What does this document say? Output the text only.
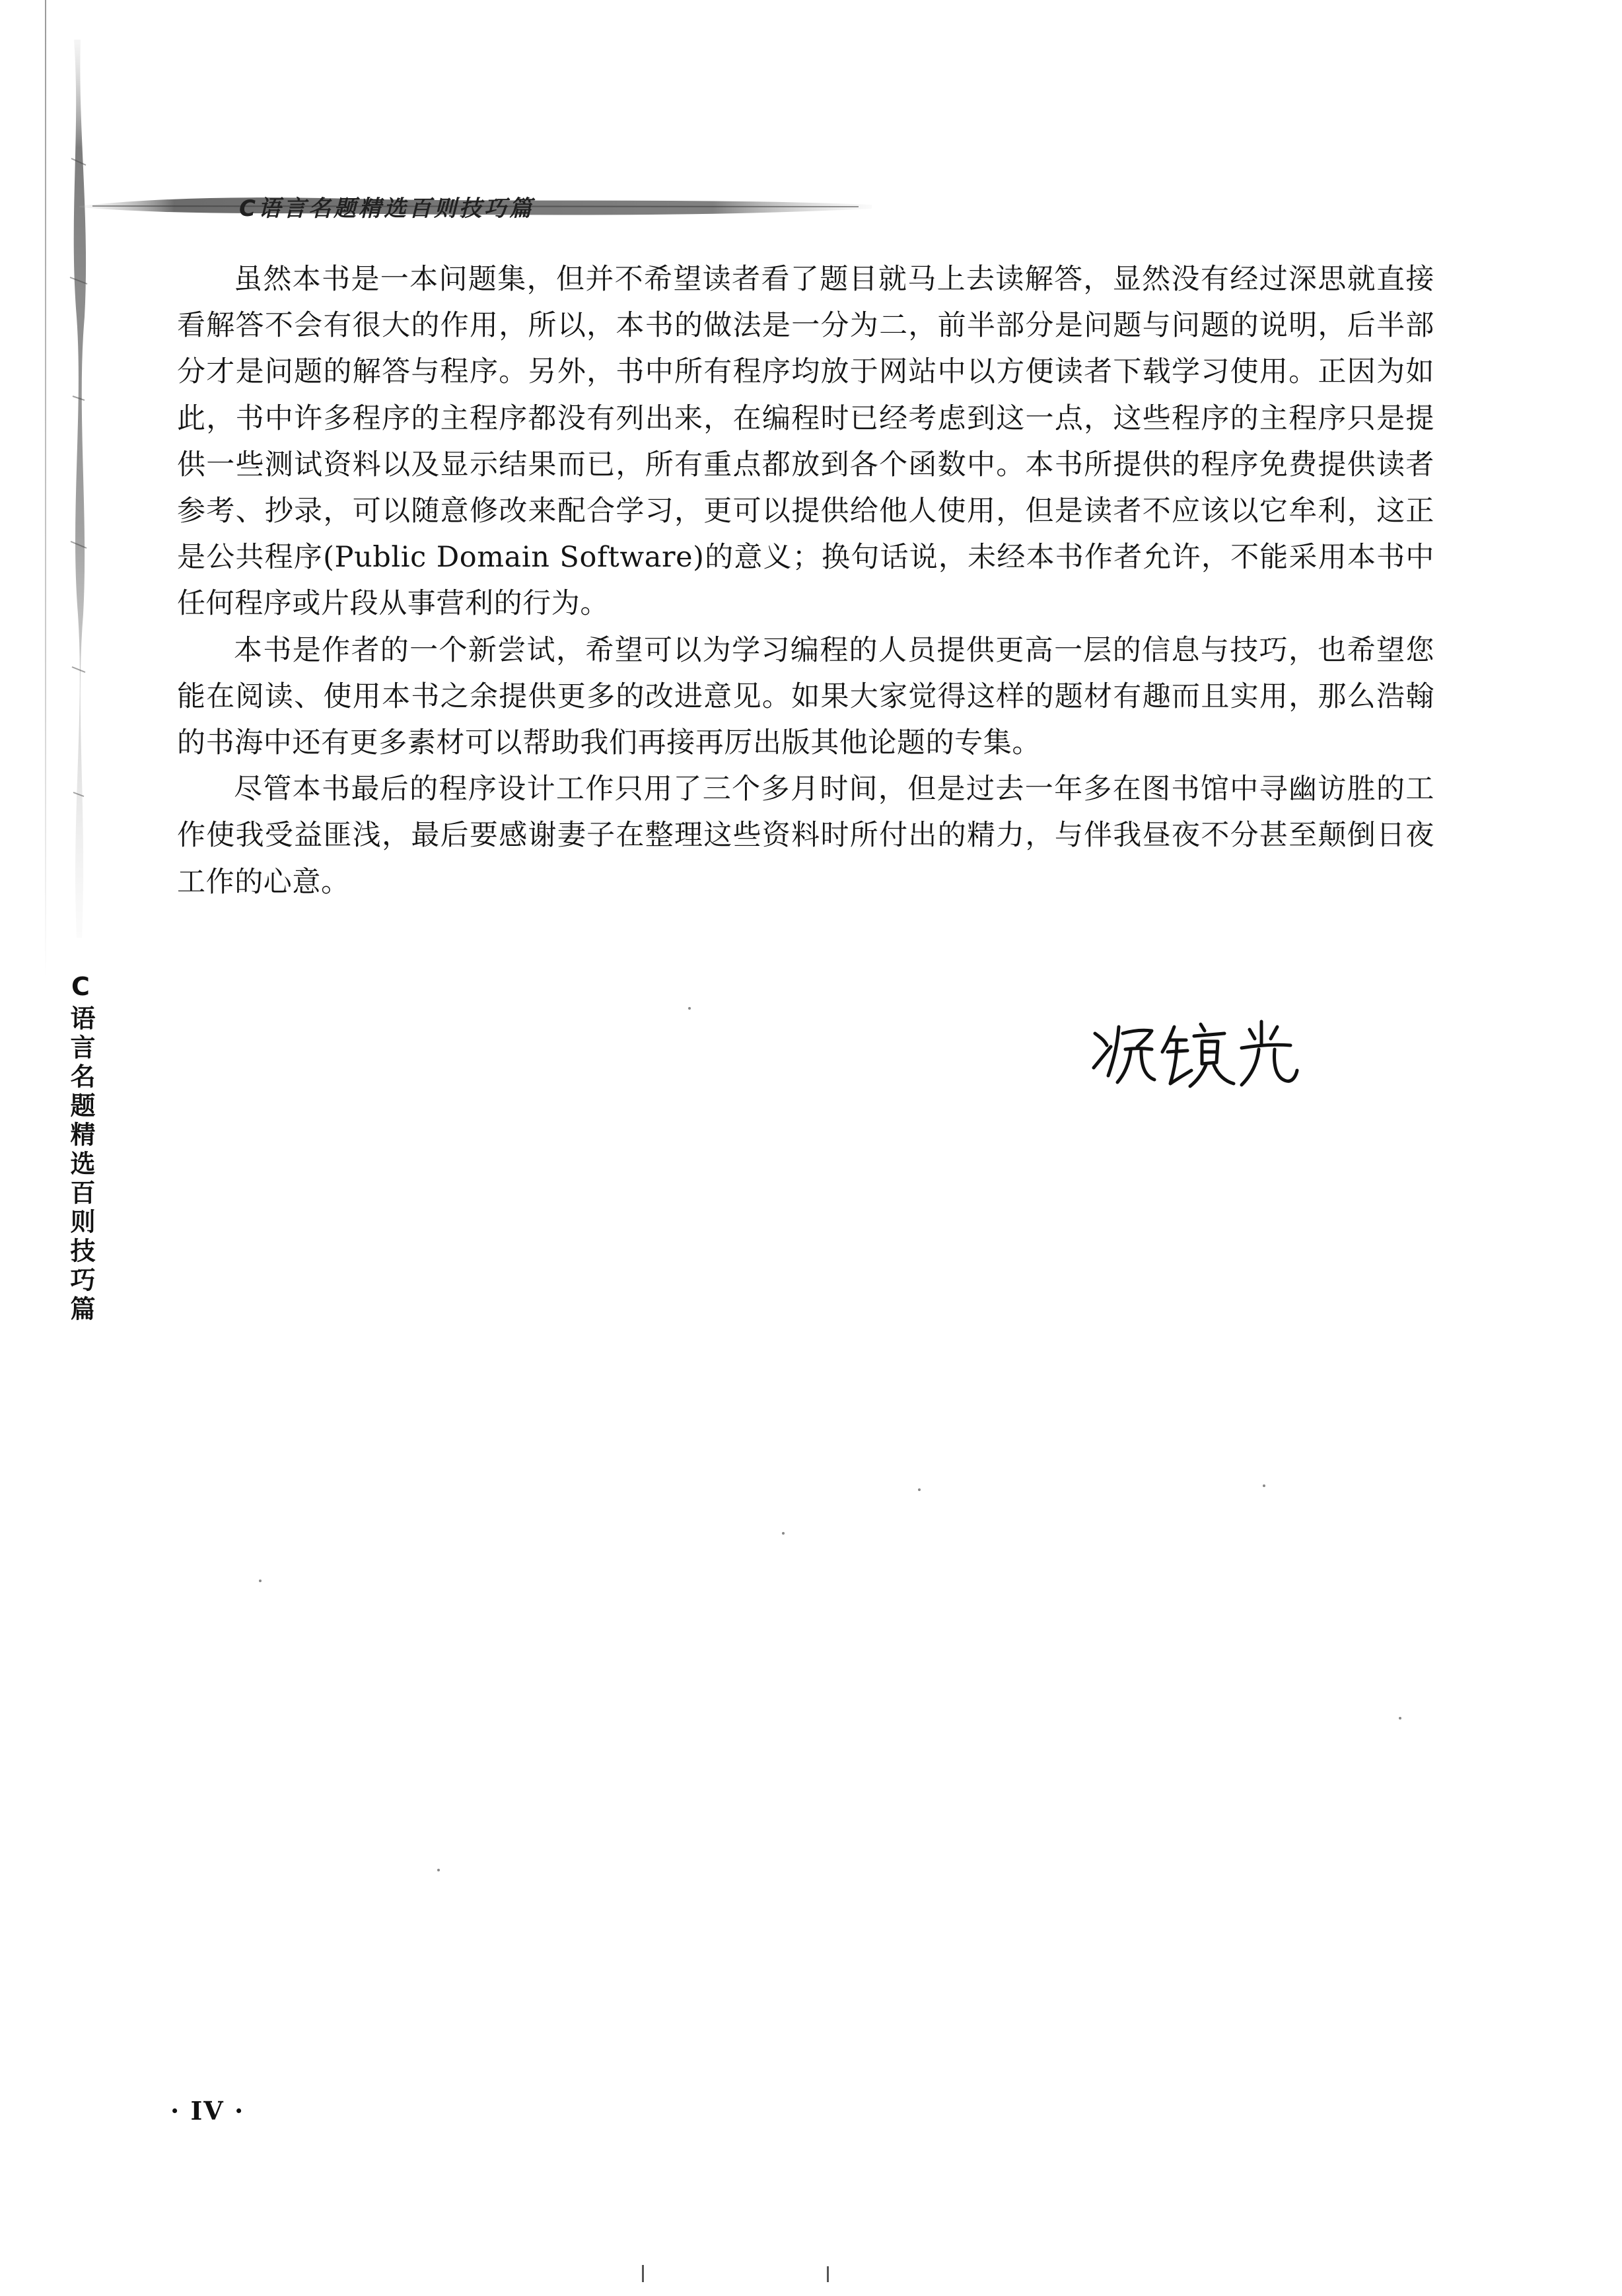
C语言名题精选百则技巧篇
C语言名题精选百则技巧篇

虽然本书是一本问题集，但并不希望读者看了题目就马上去读解答，显然没有经过深思就直接看解答不会有很大的作用，所以，本书的做法是一分为二，前半部分是问题与问题的说明，后半部分才是问题的解答与程序。另外，书中所有程序均放于网站中以方便读者下载学习使用。正因为如此，书中许多程序的主程序都没有列出来，在编程时已经考虑到这一点，这些程序的主程序只是提供一些测试资料以及显示结果而已，所有重点都放到各个函数中。本书所提供的程序免费提供读者参考、抄录，可以随意修改来配合学习，更可以提供给他人使用，但是读者不应该以它牟利，这正是公共程序(Public Domain Software)的意义；换句话说，未经本书作者允许，不能采用本书中任何程序或片段从事营利的行为。

本书是作者的一个新尝试，希望可以为学习编程的人员提供更高一层的信息与技巧，也希望您能在阅读、使用本书之余提供更多的改进意见。如果大家觉得这样的题材有趣而且实用，那么浩翰的书海中还有更多素材可以帮助我们再接再厉出版其他论题的专集。

尽管本书最后的程序设计工作只用了三个多月时间，但是过去一年多在图书馆中寻幽访胜的工作使我受益匪浅，最后要感谢妻子在整理这些资料时所付出的精力，与伴我昼夜不分甚至颠倒日夜工作的心意。

· IV ·
